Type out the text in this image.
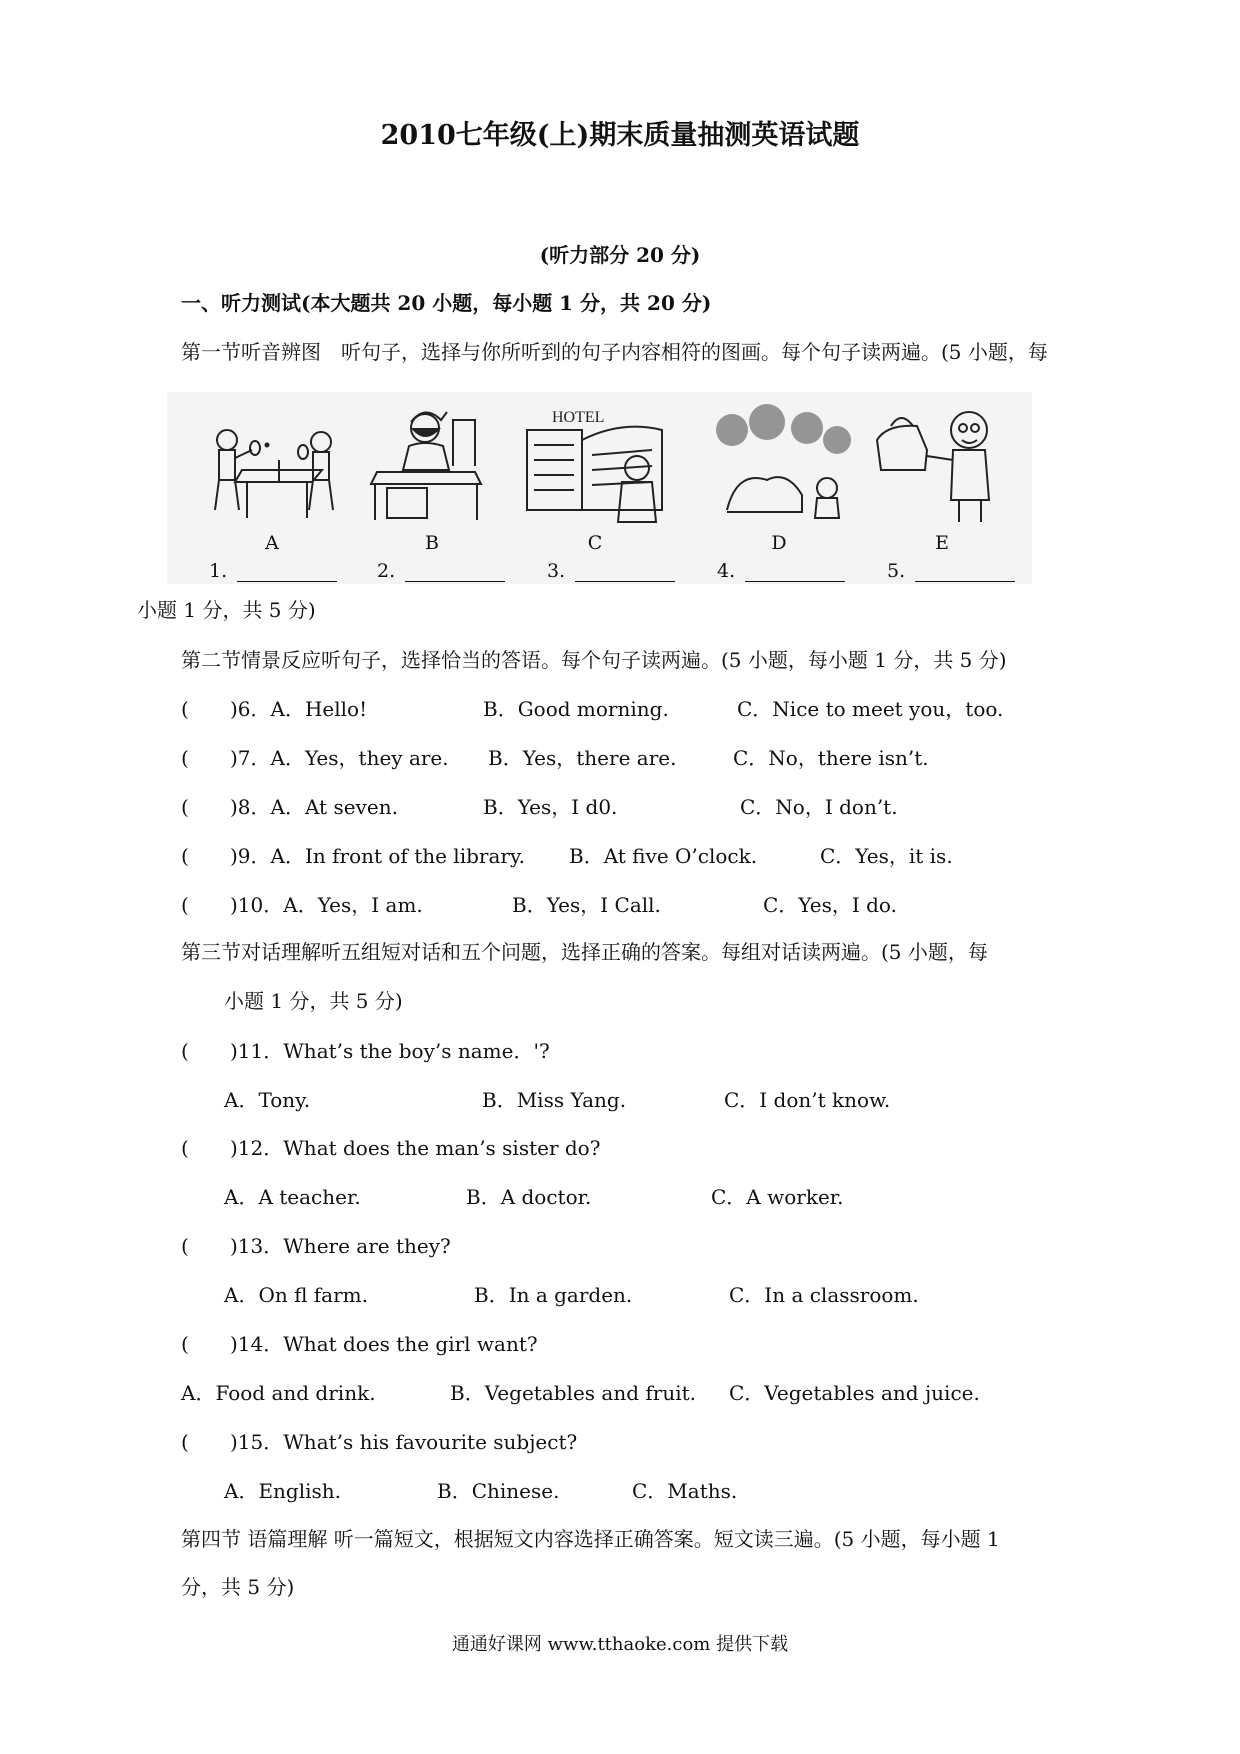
2010七年级(上)期末质量抽测英语试题
(听力部分 20 分)
一、听力测试(本大题共 20 小题，每小题 1 分，共 20 分)
第一节听音辨图　听句子，选择与你所听到的句子内容相符的图画。每个句子读两遍。(5 小题，每
A	B
HOTEL
C	D	E
1.	2.	3.	4.	5.
小题 1 分，共 5 分)
第二节情景反应听句子，选择恰当的答语。每个句子读两遍。(5 小题，每小题 1 分，共 5 分)
( )6．A．Hello!	B．Good morning.	C．Nice to meet you，too.
( )7．A．Yes，they are. B．Yes，there are.	C．No，there isn’t.
( )8．A．At seven.	B．Yes，I d0.	C．No，I don’t.
( )9．A．In front of the library. B．At five O’clock.	C．Yes，it is.
( )10．A．Yes，I am.	B．Yes，I Call.	C．Yes，I do.
第三节对话理解听五组短对话和五个问题，选择正确的答案。每组对话读两遍。(5 小题，每
小题 1 分，共 5 分)
( )11．What’s the boy’s name．'?
A．Tony.	B．Miss Yang.	C．I don’t know.
( )12．What does the man’s sister do?
A．A teacher.	B．A doctor.	C．A worker.
( )13．Where are they?
A．On fl farm.	B．In a garden.	C．In a classroom.
( )14．What does the girl want?
A．Food and drink.	B．Vegetables and fruit. C．Vegetables and juice.
( )15．What’s his favourite subject?
A．English.	B．Chinese.	C．Maths.
第四节 语篇理解 听一篇短文，根据短文内容选择正确答案。短文读三遍。(5 小题，每小题 1
分，共 5 分)
通通好课网 www.tthaoke.com 提供下载
